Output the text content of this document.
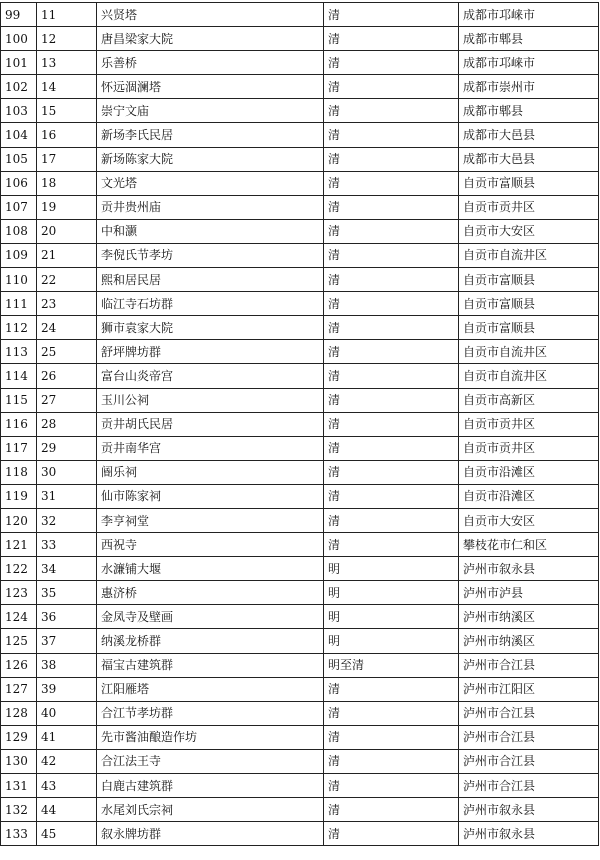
99	11	兴贤塔	清	成都市邛崃市
100	12	唐昌梁家大院	清	成都市郫县
101	13	乐善桥	清	成都市邛崃市
102	14	怀远涸澜塔	清	成都市崇州市
103	15	崇宁文庙	清	成都市郫县
104	16	新场李氏民居	清	成都市大邑县
105	17	新场陈家大院	清	成都市大邑县
106	18	文光塔	清	自贡市富顺县
107	19	贡井贵州庙	清	自贡市贡井区
108	20	中和灏	清	自贡市大安区
109	21	李倪氏节孝坊	清	自贡市自流井区
110	22	熙和居民居	清	自贡市富顺县
111	23	临江寺石坊群	清	自贡市富顺县
112	24	狮市袁家大院	清	自贡市富顺县
113	25	舒坪牌坊群	清	自贡市自流井区
114	26	富台山炎帝宫	清	自贡市自流井区
115	27	玉川公祠	清	自贡市高新区
116	28	贡井胡氏民居	清	自贡市贡井区
117	29	贡井南华宫	清	自贡市贡井区
118	30	阍乐祠	清	自贡市沿滩区
119	31	仙市陈家祠	清	自贡市沿滩区
120	32	李亨祠堂	清	自贡市大安区
121	33	西祝寺	清	攀枝花市仁和区
122	34	水濂铺大堰	明	泸州市叙永县
123	35	惠济桥	明	泸州市泸县
124	36	金凤寺及壁画	明	泸州市纳溪区
125	37	纳溪龙桥群	明	泸州市纳溪区
126	38	福宝古建筑群	明至清	泸州市合江县
127	39	江阳雁塔	清	泸州市江阳区
128	40	合江节孝坊群	清	泸州市合江县
129	41	先市酱油酿造作坊	清	泸州市合江县
130	42	合江法王寺	清	泸州市合江县
131	43	白鹿古建筑群	清	泸州市合江县
132	44	水尾刘氏宗祠	清	泸州市叙永县
133	45	叙永牌坊群	清	泸州市叙永县
